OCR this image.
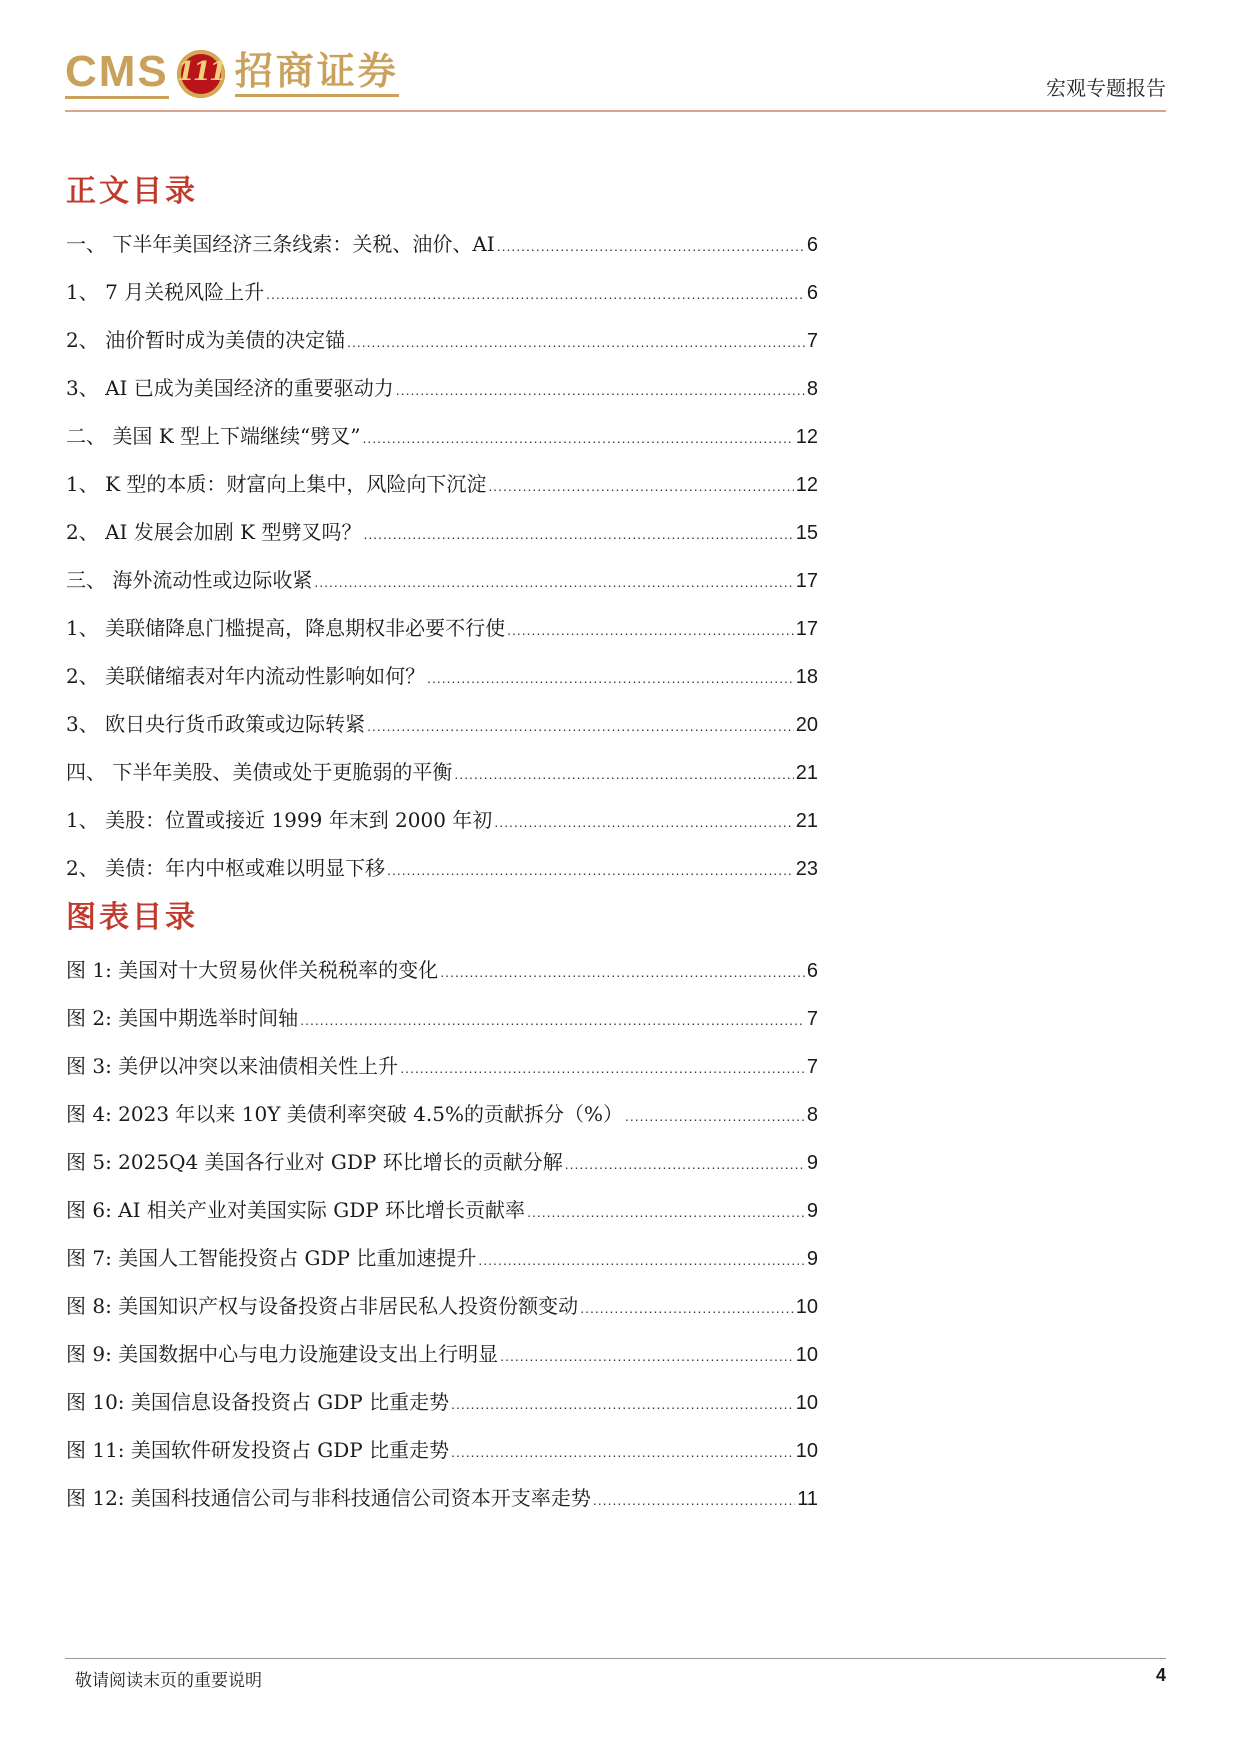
CMS 111 招商证券	宏观专题报告
正文目录
一、 下半年美国经济三条线索：关税、油价、AI .....	6
1、 7 月关税风险上升 .....	6
2、 油价暂时成为美债的决定锚 .....	7
3、 AI 已成为美国经济的重要驱动力 .....	8
二、 美国 K 型上下端继续“劈叉” .....	12
1、 K 型的本质：财富向上集中，风险向下沉淀 .....	12
2、 AI 发展会加剧 K 型劈叉吗？ .....	15
三、 海外流动性或边际收紧 .....	17
1、 美联储降息门槛提高，降息期权非必要不行使 .....	17
2、 美联储缩表对年内流动性影响如何？ .....	18
3、 欧日央行货币政策或边际转紧 .....	20
四、 下半年美股、美债或处于更脆弱的平衡 .....	21
1、 美股：位置或接近 1999 年末到 2000 年初 .....	21
2、 美债：年内中枢或难以明显下移 .....	23
图表目录
图 1: 美国对十大贸易伙伴关税税率的变化 .....	6
图 2: 美国中期选举时间轴 .....	7
图 3: 美伊以冲突以来油债相关性上升 .....	7
图 4: 2023 年以来 10Y 美债利率突破 4.5%的贡献拆分（%） .....	8
图 5: 2025Q4 美国各行业对 GDP 环比增长的贡献分解 .....	9
图 6: AI 相关产业对美国实际 GDP 环比增长贡献率 .....	9
图 7: 美国人工智能投资占 GDP 比重加速提升 .....	9
图 8: 美国知识产权与设备投资占非居民私人投资份额变动 .....	10
图 9: 美国数据中心与电力设施建设支出上行明显 .....	10
图 10: 美国信息设备投资占 GDP 比重走势 .....	10
图 11: 美国软件研发投资占 GDP 比重走势 .....	10
图 12: 美国科技通信公司与非科技通信公司资本开支率走势 .....	11
敬请阅读末页的重要说明	4
